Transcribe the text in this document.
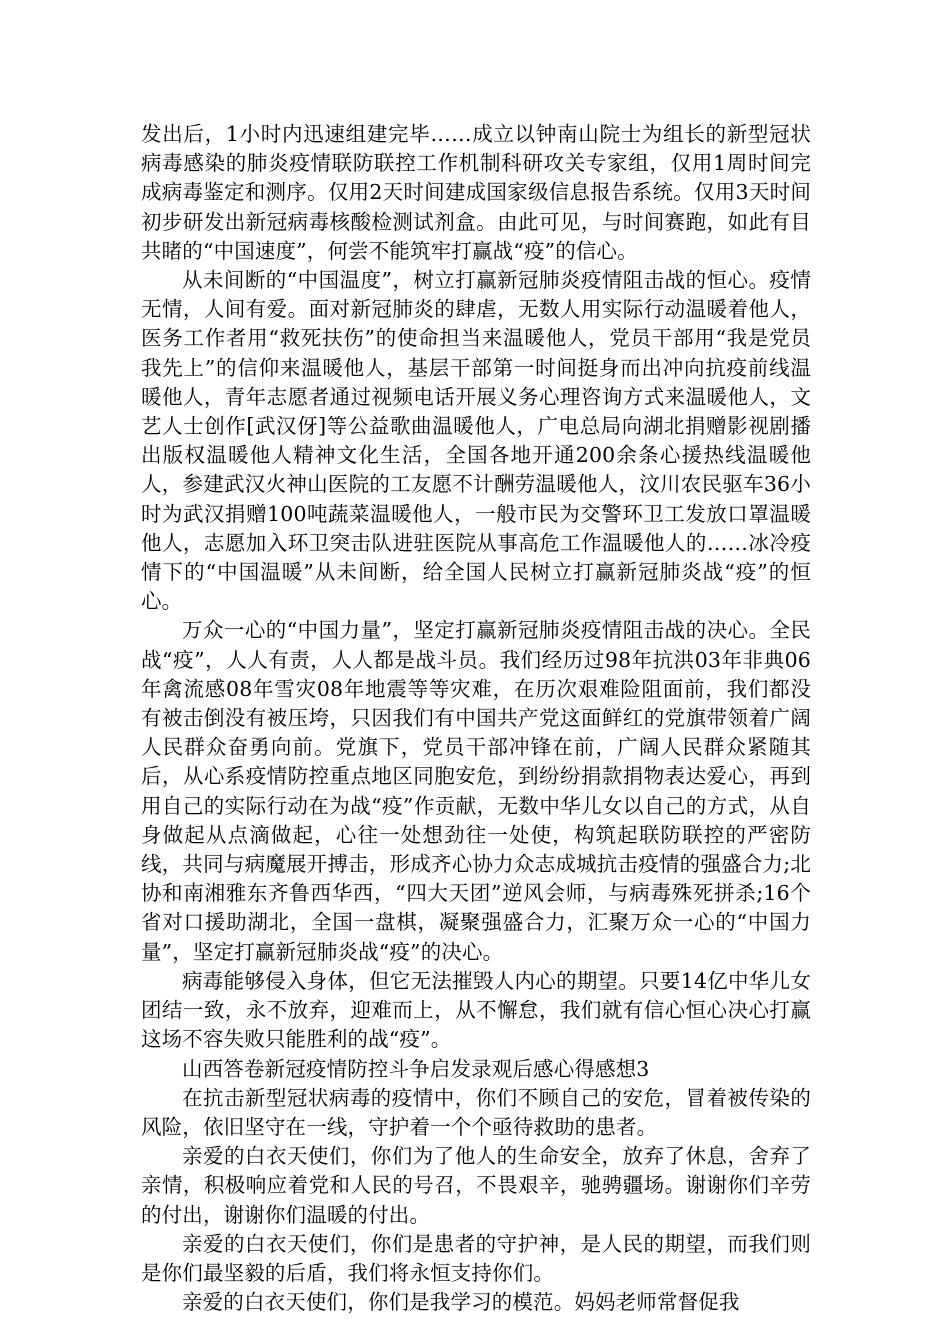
发出后，1小时内迅速组建完毕……成立以钟南山院士为组长的新型冠状病毒感染的肺炎疫情联防联控工作机制科研攻关专家组，仅用1周时间完成病毒鉴定和测序。仅用2天时间建成国家级信息报告系统。仅用3天时间初步研发出新冠病毒核酸检测试剂盒。由此可见，与时间赛跑，如此有目共睹的“中国速度”，何尝不能筑牢打赢战“疫”的信心。

从未间断的“中国温度”，树立打赢新冠肺炎疫情阻击战的恒心。疫情无情，人间有爱。面对新冠肺炎的肆虐，无数人用实际行动温暖着他人，医务工作者用“救死扶伤”的使命担当来温暖他人，党员干部用“我是党员我先上”的信仰来温暖他人，基层干部第一时间挺身而出冲向抗疫前线温暖他人，青年志愿者通过视频电话开展义务心理咨询方式来温暖他人，文艺人士创作[武汉伢]等公益歌曲温暖他人，广电总局向湖北捐赠影视剧播出版权温暖他人精神文化生活，全国各地开通200余条心援热线温暖他人，参建武汉火神山医院的工友愿不计酬劳温暖他人，汶川农民驱车36小时为武汉捐赠100吨蔬菜温暖他人，一般市民为交警环卫工发放口罩温暖他人，志愿加入环卫突击队进驻医院从事高危工作温暖他人的……冰冷疫情下的“中国温暖”从未间断，给全国人民树立打赢新冠肺炎战“疫”的恒心。

万众一心的“中国力量”，坚定打赢新冠肺炎疫情阻击战的决心。全民战“疫”，人人有责，人人都是战斗员。我们经历过98年抗洪03年非典06年禽流感08年雪灾08年地震等等灾难，在历次艰难险阻面前，我们都没有被击倒没有被压垮，只因我们有中国共产党这面鲜红的党旗带领着广阔人民群众奋勇向前。党旗下，党员干部冲锋在前，广阔人民群众紧随其后，从心系疫情防控重点地区同胞安危，到纷纷捐款捐物表达爱心，再到用自己的实际行动在为战“疫”作贡献，无数中华儿女以自己的方式，从自身做起从点滴做起，心往一处想劲往一处使，构筑起联防联控的严密防线，共同与病魔展开搏击，形成齐心协力众志成城抗击疫情的强盛合力;北协和南湘雅东齐鲁西华西，“四大天团”逆风会师，与病毒殊死拼杀;16个省对口援助湖北，全国一盘棋，凝聚强盛合力，汇聚万众一心的“中国力量”，坚定打赢新冠肺炎战“疫”的决心。

病毒能够侵入身体，但它无法摧毁人内心的期望。只要14亿中华儿女团结一致，永不放弃，迎难而上，从不懈怠，我们就有信心恒心决心打赢这场不容失败只能胜利的战“疫”。

山西答卷新冠疫情防控斗争启发录观后感心得感想3

在抗击新型冠状病毒的疫情中，你们不顾自己的安危，冒着被传染的风险，依旧坚守在一线，守护着一个个亟待救助的患者。

亲爱的白衣天使们，你们为了他人的生命安全，放弃了休息，舍弃了亲情，积极响应着党和人民的号召，不畏艰辛，驰骋疆场。谢谢你们辛劳的付出，谢谢你们温暖的付出。

亲爱的白衣天使们，你们是患者的守护神，是人民的期望，而我们则是你们最坚毅的后盾，我们将永恒支持你们。

亲爱的白衣天使们，你们是我学习的模范。妈妈老师常督促我
